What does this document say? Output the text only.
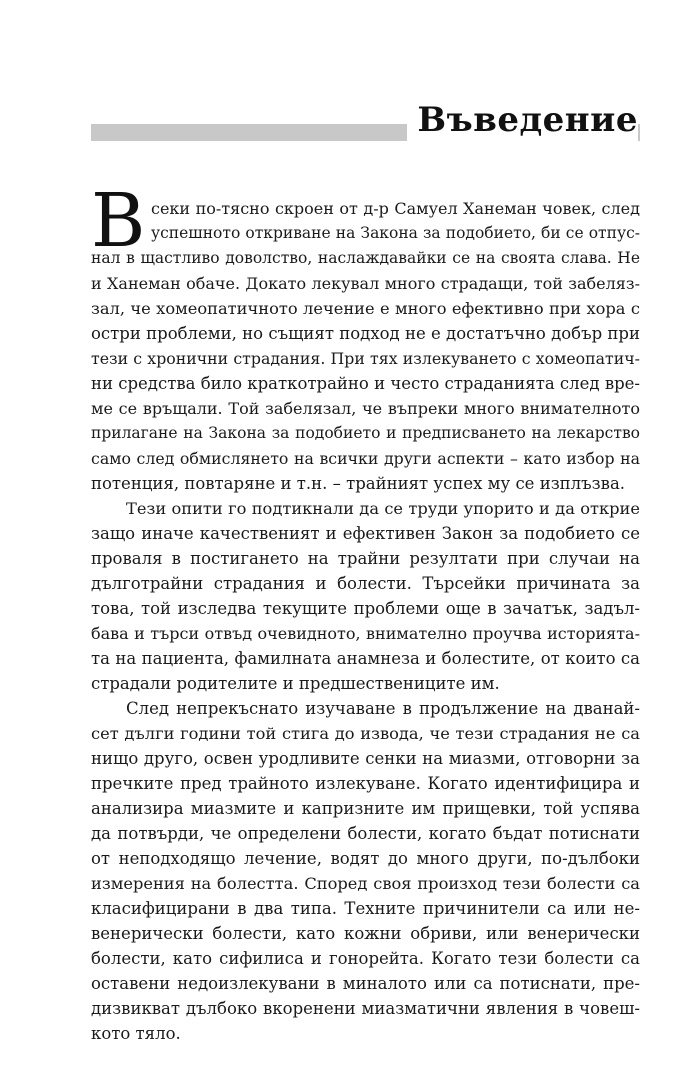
Въведение
В секи по-тясно скроен от д-р Самуел Ханеман човек, след
успешното откриване на Закона за подобието, би се отпус-
нал в щастливо доволство, наслаждавайки се на своята слава. Не
и Ханеман обаче. Докато лекувал много страдащи, той забеляз-
зал, че хомеопатичното лечение е много ефективно при хора с
остри проблеми, но същият подход не е достатъчно добър при
тези с хронични страдания. При тях излекуването с хомеопатич-
ни средства било краткотрайно и често страданията след вре-
ме се връщали. Той забелязал, че въпреки много внимателното
прилагане на Закона за подобието и предписването на лекарство
само след обмислянето на всички други аспекти – като избор на
потенция, повтаряне и т.н. – трайният успех му се изплъзва.
Тези опити го подтикнали да се труди упорито и да открие
защо иначе качественият и ефективен Закон за подобието се
проваля в постигането на трайни резултати при случаи на
дълготрайни страдания и болести. Търсейки причината за
това, той изследва текущите проблеми още в зачатък, задъл-
бава и търси отвъд очевидното, внимателно проучва историята-
та на пациента, фамилната анамнеза и болестите, от които са
страдали родителите и предшествениците им.
След непрекъснато изучаване в продължение на дванай-
сет дълги години той стига до извода, че тези страдания не са
нищо друго, освен уродливите сенки на миазми, отговорни за
пречките пред трайното излекуване. Когато идентифицира и
анализира миазмите и капризните им прищевки, той успява
да потвърди, че определени болести, когато бъдат потиснати
от неподходящо лечение, водят до много други, по-дълбоки
измерения на болестта. Според своя произход тези болести са
класифицирани в два типа. Техните причинители са или не-
венерически болести, като кожни обриви, или венерически
болести, като сифилиса и гонорейта. Когато тези болести са
оставени недоизлекувани в миналото или са потиснати, пре-
дизвикват дълбоко вкоренени миазматични явления в човеш-
кото тяло.
